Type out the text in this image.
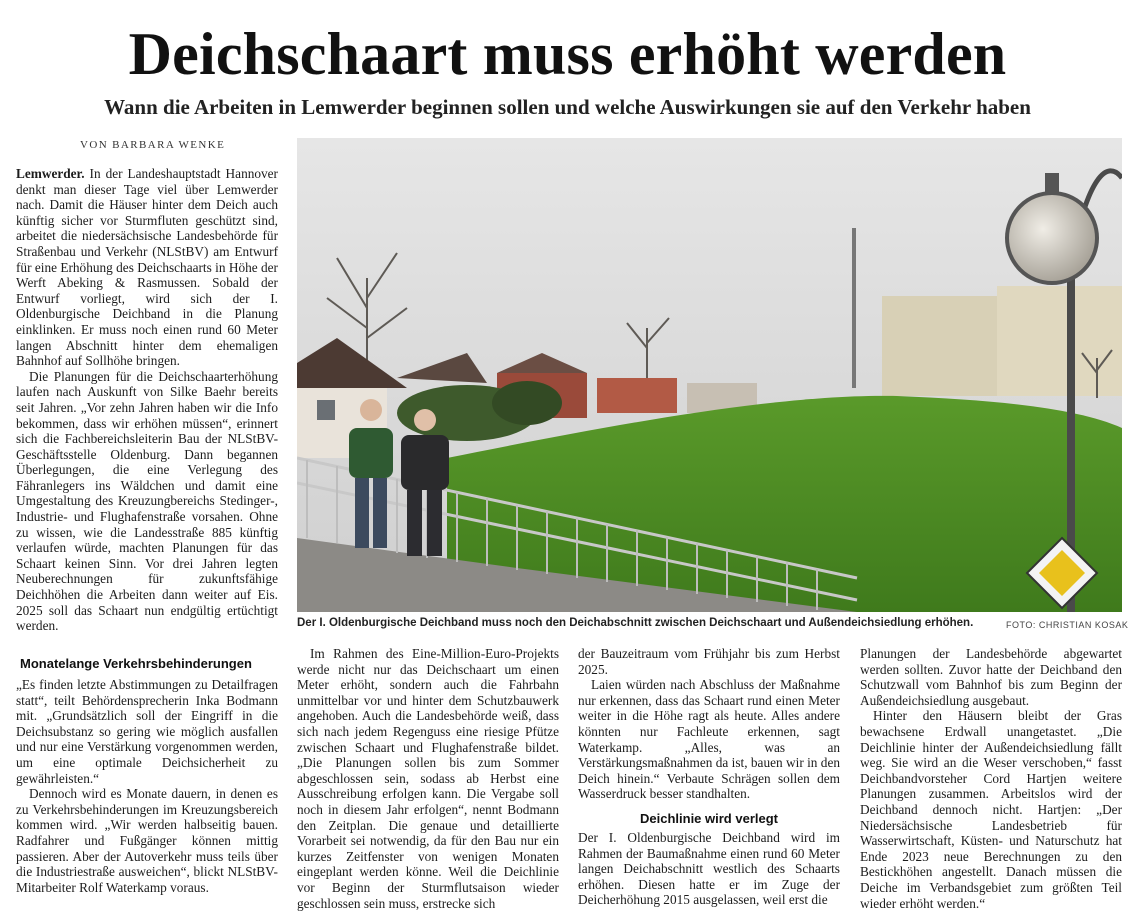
Deichschaart muss erhöht werden
Wann die Arbeiten in Lemwerder beginnen sollen und welche Auswirkungen sie auf den Verkehr haben
VON BARBARA WENKE
Der I. Oldenburgische Deichband muss noch den Deichabschnitt zwischen Deichschaart und Außendeichsiedlung erhöhen.	FOTO: CHRISTIAN KOSAK

Lemwerder. In der Landeshauptstadt Hannover denkt man dieser Tage viel über Lemwerder nach. Damit die Häuser hinter dem Deich auch künftig sicher vor Sturmfluten geschützt sind, arbeitet die niedersächsische Landesbehörde für Straßenbau und Verkehr (NLStBV) am Entwurf für eine Erhöhung des Deichschaarts in Höhe der Werft Abeking & Rasmussen. Sobald der Entwurf vorliegt, wird sich der I. Oldenburgische Deichband in die Planung einklinken. Er muss noch einen rund 60 Meter langen Abschnitt hinter dem ehemaligen Bahnhof auf Sollhöhe bringen.

Die Planungen für die Deichschaarterhöhung laufen nach Auskunft von Silke Baehr bereits seit Jahren. „Vor zehn Jahren haben wir die Info bekommen, dass wir erhöhen müssen“, erinnert sich die Fachbereichsleiterin Bau der NLStBV-Geschäftsstelle Oldenburg. Dann begannen Überlegungen, die eine Verlegung des Fähranlegers ins Wäldchen und damit eine Umgestaltung des Kreuzungbereichs Stedinger-, Industrie- und Flughafenstraße vorsahen. Ohne zu wissen, wie die Landesstraße 885 künftig verlaufen würde, machten Planungen für das Schaart keinen Sinn. Vor drei Jahren legten Neuberechnungen für zukunftsfähige Deichhöhen die Arbeiten dann weiter auf Eis. 2025 soll das Schaart nun endgültig ertüchtigt werden.

Monatelange Verkehrsbehinderungen

„Es finden letzte Abstimmungen zu Detailfragen statt“, teilt Behördensprecherin Inka Bodmann mit. „Grundsätzlich soll der Eingriff in die Deichsubstanz so gering wie möglich ausfallen und nur eine Verstärkung vorgenommen werden, um eine optimale Deichsicherheit zu gewährleisten.“

Dennoch wird es Monate dauern, in denen es zu Verkehrsbehinderungen im Kreuzungsbereich kommen wird. „Wir werden halbseitig bauen. Radfahrer und Fußgänger können mittig passieren. Aber der Autoverkehr muss teils über die Industriestraße ausweichen“, blickt NLStBV-Mitarbeiter Rolf Waterkamp voraus.

Im Rahmen des Eine-Million-Euro-Projekts werde nicht nur das Deichschaart um einen Meter erhöht, sondern auch die Fahrbahn unmittelbar vor und hinter dem Schutzbauwerk angehoben. Auch die Landesbehörde weiß, dass sich nach jedem Regenguss eine riesige Pfütze zwischen Schaart und Flughafenstraße bildet. „Die Planungen sollen bis zum Sommer abgeschlossen sein, sodass ab Herbst eine Ausschreibung erfolgen kann. Die Vergabe soll noch in diesem Jahr erfolgen“, nennt Bodmann den Zeitplan. Die genaue und detaillierte Vorarbeit sei notwendig, da für den Bau nur ein kurzes Zeitfenster von wenigen Monaten eingeplant werden könne. Weil die Deichlinie vor Beginn der Sturmflutsaison wieder geschlossen sein muss, erstrecke sich

der Bauzeitraum vom Frühjahr bis zum Herbst 2025.

Laien würden nach Abschluss der Maßnahme nur erkennen, dass das Schaart rund einen Meter weiter in die Höhe ragt als heute. Alles andere könnten nur Fachleute erkennen, sagt Waterkamp. „Alles, was an Verstärkungsmaßnahmen da ist, bauen wir in den Deich hinein.“ Verbaute Schrägen sollen dem Wasserdruck besser standhalten.

Deichlinie wird verlegt

Der I. Oldenburgische Deichband wird im Rahmen der Baumaßnahme einen rund 60 Meter langen Deichabschnitt westlich des Schaarts erhöhen. Diesen hatte er im Zuge der Deicherhöhung 2015 ausgelassen, weil erst die

Planungen der Landesbehörde abgewartet werden sollten. Zuvor hatte der Deichband den Schutzwall vom Bahnhof bis zum Beginn der Außendeichsiedlung ausgebaut.

Hinter den Häusern bleibt der Gras bewachsene Erdwall unangetastet. „Die Deichlinie hinter der Außendeichsiedlung fällt weg. Sie wird an die Weser verschoben,“ fasst Deichbandvorsteher Cord Hartjen weitere Planungen zusammen. Arbeitslos wird der Deichband dennoch nicht. Hartjen: „Der Niedersächsische Landesbetrieb für Wasserwirtschaft, Küsten- und Naturschutz hat Ende 2023 neue Berechnungen zu den Bestickhöhen angestellt. Danach müssen die Deiche im Verbandsgebiet zum größten Teil wieder erhöht werden.“
